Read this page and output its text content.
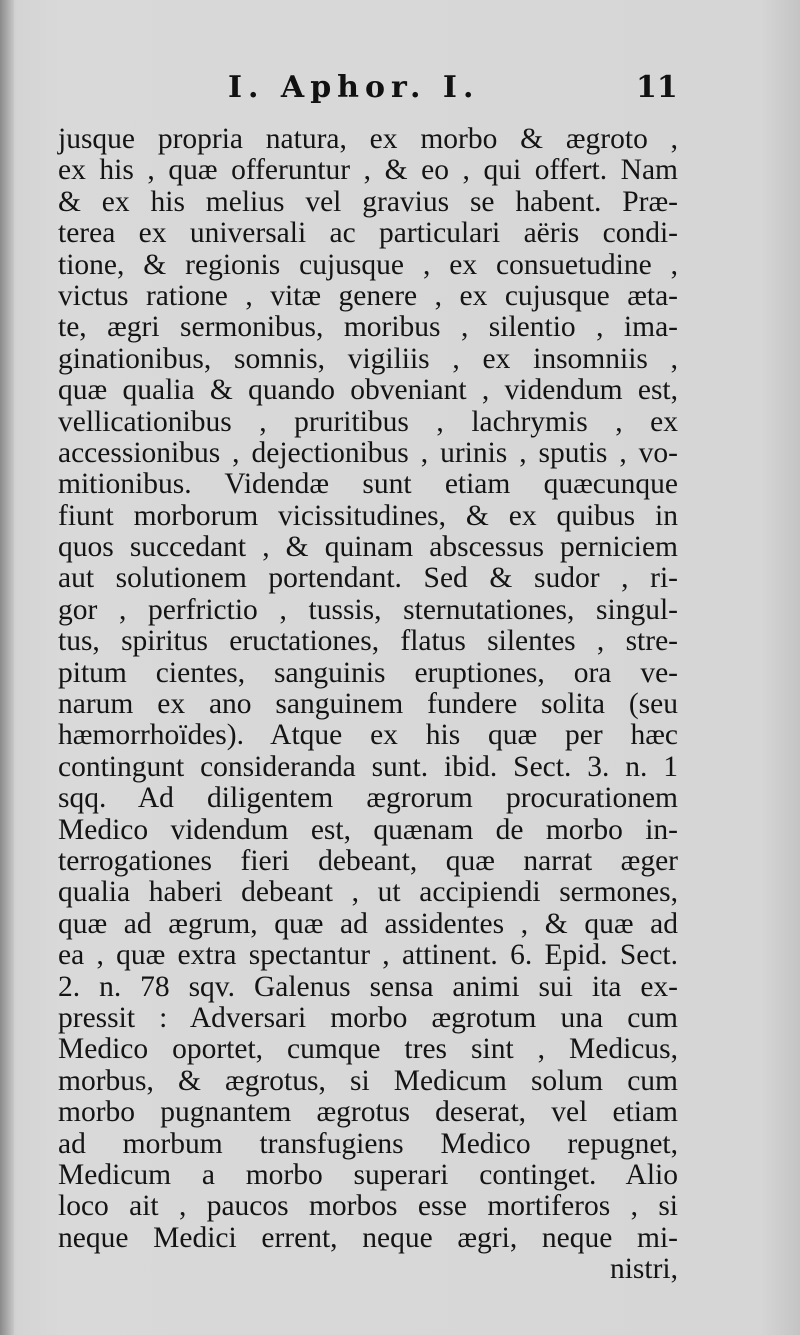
I. Aphor. I.	11
jusque propria natura, ex morbo & ægroto ,
ex his , quæ offeruntur , & eo , qui offert. Nam
& ex his melius vel gravius se habent. Præ-
terea ex universali ac particulari aëris condi-
tione, & regionis cujusque , ex consuetudine ,
victus ratione , vitæ genere , ex cujusque æta-
te, ægri sermonibus, moribus , silentio , ima-
ginationibus, somnis, vigiliis , ex insomniis ,
quæ qualia & quando obveniant , videndum est,
vellicationibus , pruritibus , lachrymis , ex
accessionibus , dejectionibus , urinis , sputis , vo-
mitionibus. Videndæ sunt etiam quæcunque
fiunt morborum vicissitudines, & ex quibus in
quos succedant , & quinam abscessus perniciem
aut solutionem portendant. Sed & sudor , ri-
gor , perfrictio , tussis, sternutationes, singul-
tus, spiritus eructationes, flatus silentes , stre-
pitum cientes, sanguinis eruptiones, ora ve-
narum ex ano sanguinem fundere solita (seu
hæmorrhoïdes). Atque ex his quæ per hæc
contingunt consideranda sunt. ibid. Sect. 3. n. 1
sqq. Ad diligentem ægrorum procurationem
Medico videndum est, quænam de morbo in-
terrogationes fieri debeant, quæ narrat æger
qualia haberi debeant , ut accipiendi sermones,
quæ ad ægrum, quæ ad assidentes , & quæ ad
ea , quæ extra spectantur , attinent. 6. Epid. Sect.
2. n. 78 sqv. Galenus sensa animi sui ita ex-
pressit : Adversari morbo ægrotum una cum
Medico oportet, cumque tres sint , Medicus,
morbus, & ægrotus, si Medicum solum cum
morbo pugnantem ægrotus deserat, vel etiam
ad morbum transfugiens Medico repugnet,
Medicum a morbo superari continget. Alio
loco ait , paucos morbos esse mortiferos , si
neque Medici errent, neque ægri, neque mi-
nistri,
